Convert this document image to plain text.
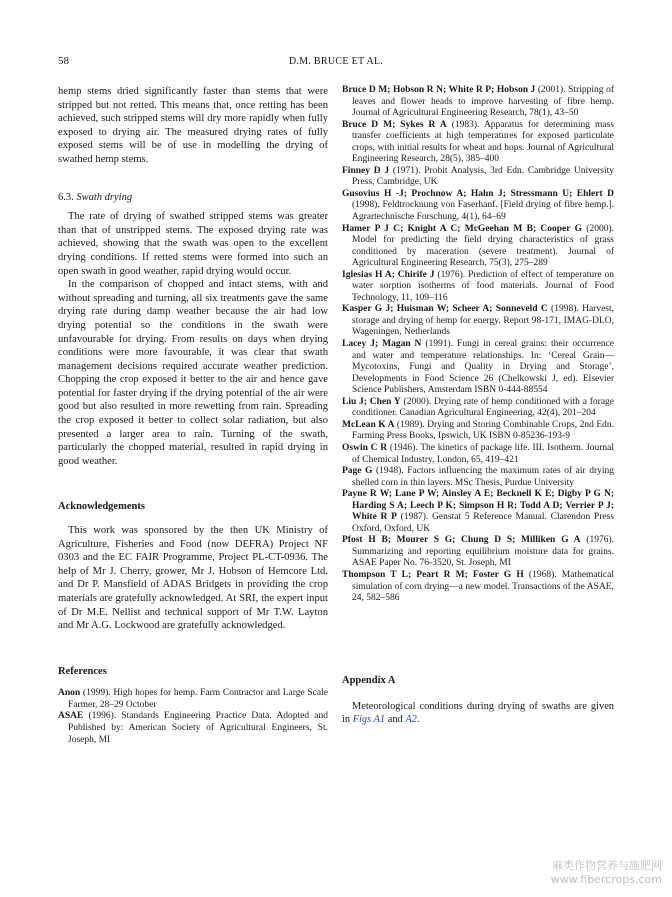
58	D.M. BRUCE ET AL.

hemp stems dried significantly faster than stems that were stripped but not retted. This means that, once retting has been achieved, such stripped stems will dry more rapidly when fully exposed to drying air. The measured drying rates of fully exposed stems will be of use in modelling the drying of swathed hemp stems.

6.3. Swath drying

The rate of drying of swathed stripped stems was greater than that of unstripped stems. The exposed drying rate was achieved, showing that the swath was open to the excellent drying conditions. If retted stems were formed into such an open swath in good weather, rapid drying would occur.

In the comparison of chopped and intact stems, with and without spreading and turning, all six treatments gave the same drying rate during damp weather because the air had low drying potential so the conditions in the swath were unfavourable for drying. From results on days when drying conditions were more favourable, it was clear that swath management decisions required accurate weather prediction. Chopping the crop exposed it better to the air and hence gave potential for faster drying if the drying potential of the air were good but also resulted in more rewetting from rain. Spreading the crop exposed it better to collect solar radiation, but also presented a larger area to rain. Turning of the swath, particularly the chopped material, resulted in rapid drying in good weather.

Acknowledgements

This work was sponsored by the then UK Ministry of Agriculture, Fisheries and Food (now DEFRA) Project NF 0303 and the EC FAIR Programme, Project PL-CT-0936. The help of Mr J. Cherry, grower, Mr J. Hobson of Hemcore Ltd. and Dr P. Mansfield of ADAS Bridgets in providing the crop materials are gratefully acknowledged. At SRI, the expert input of Dr M.E. Nellist and technical support of Mr T.W. Layton and Mr A.G. Lockwood are gratefully acknowledged.

References

Anon (1999). High hopes for hemp. Farm Contractor and Large Scale Farmer, 28–29 October

ASAE (1996). Standards Engineering Practice Data. Adopted and Published by: American Society of Agricultural Engineers, St. Joseph, MI

Bruce D M; Hobson R N; White R P; Hobson J (2001). Stripping of leaves and flower heads to improve harvesting of fibre hemp. Journal of Agricultural Engineering Research, 78(1), 43–50

Bruce D M; Sykes R A (1983). Apparatus for determining mass transfer coefficients at high temperatures for exposed particulate crops, with initial results for wheat and hops. Journal of Agricultural Engineering Research, 28(5), 385–400

Finney D J (1971). Probit Analysis, 3rd Edn. Cambridge University Press, Cambridge, UK

Gusovius H -J; Prochnow A; Hahn J; Stressmann U; Ehlert D (1998). Feldtrocknung von Faserhanf. [Field drying of fibre hemp.]. Agrartechnische Forschung, 4(1), 64–69

Hamer P J C; Knight A C; McGeehan M B; Cooper G (2000). Model for predicting the field drying characteristics of grass conditioned by maceration (severe treatment). Journal of Agricultural Engineering Research, 75(3), 275–289

Iglesias H A; Chirife J (1976). Prediction of effect of temperature on water sorption isotherms of food materials. Journal of Food Technology, 11, 109–116

Kasper G J; Huisman W; Scheer A; Sonneveld C (1998). Harvest, storage and drying of hemp for energy. Report 98-171, IMAG-DLO, Wageningen, Netherlands

Lacey J; Magan N (1991). Fungi in cereal grains: their occurrence and water and temperature relationships. In: ‘Cereal Grain—Mycotoxins, Fungi and Quality in Drying and Storage’, Developments in Food Science 26 (Chelkowski J, ed). Elsevier Science Publishers, Amsterdam ISBN 0-444-88554

Liu J; Chen Y (2000). Drying rate of hemp conditioned with a forage conditioner. Canadian Agricultural Engineering, 42(4), 201–204

McLean K A (1989). Drying and Storing Combinable Crops, 2nd Edn. Farming Press Books, Ipswich, UK ISBN 0-85236-193-9

Oswin C R (1946). The kinetics of package life. III. Isotherm. Journal of Chemical Industry, London, 65, 419–421

Page G (1948). Factors influencing the maximum rates of air drying shelled corn in thin layers. MSc Thesis, Purdue University

Payne R W; Lane P W; Ainsley A E; Becknell K E; Digby P G N; Harding S A; Leech P K; Simpson H R; Todd A D; Verrier P J; White R P (1987). Genstat 5 Reference Manual. Clarendon Press Oxford, Oxford, UK

Pfost H B; Mourer S G; Chung D S; Milliken G A (1976). Summarizing and reporting equilibrium moisture data for grains. ASAE Paper No. 76-3520, St. Joseph, MI

Thompson T L; Peart R M; Foster G H (1968). Mathematical simulation of corn drying—a new model. Transactions of the ASAE, 24, 582–586

Appendix A

Meteorological conditions during drying of swaths are given in Figs A1 and A2.

麻类作物营养与施肥网
www.fibercrops.com
